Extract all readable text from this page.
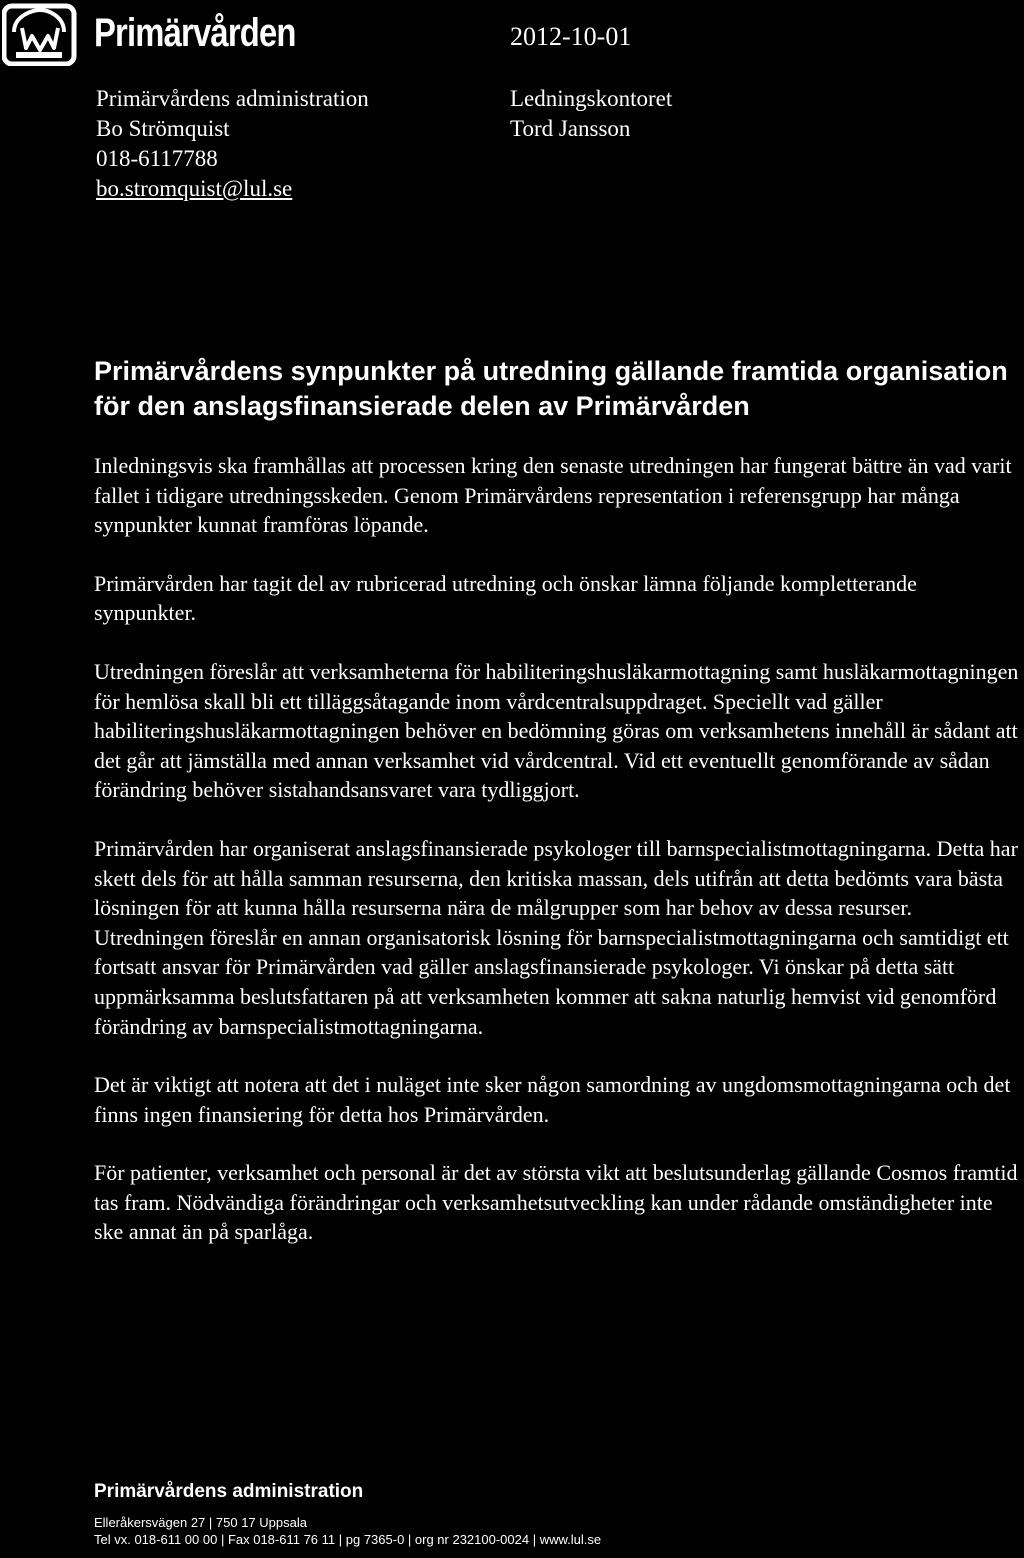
Primärvården	2012-10-01
Primärvårdens administration
Bo Strömquist
018-6117788
bo.stromquist@lul.se
Ledningskontoret
Tord Jansson
Primärvårdens synpunkter på utredning gällande framtida organisation för den anslagsfinansierade delen av Primärvården

Inledningsvis ska framhållas att processen kring den senaste utredningen har fungerat bättre än vad varit fallet i tidigare utredningsskeden. Genom Primärvårdens representation i referensgrupp har många synpunkter kunnat framföras löpande.

Primärvården har tagit del av rubricerad utredning och önskar lämna följande kompletterande synpunkter.

Utredningen föreslår att verksamheterna för habiliteringshusläkarmottagning samt husläkarmottagningen för hemlösa skall bli ett tilläggsåtagande inom vårdcentralsuppdraget. Speciellt vad gäller habiliteringshusläkarmottagningen behöver en bedömning göras om verksamhetens innehåll är sådant att det går att jämställa med annan verksamhet vid vårdcentral. Vid ett eventuellt genomförande av sådan förändring behöver sistahandsansvaret vara tydliggjort.

Primärvården har organiserat anslagsfinansierade psykologer till barnspecialistmottagningarna. Detta har skett dels för att hålla samman resurserna, den kritiska massan, dels utifrån att detta bedömts vara bästa lösningen för att kunna hålla resurserna nära de målgrupper som har behov av dessa resurser. Utredningen föreslår en annan organisatorisk lösning för barnspecialistmottagningarna och samtidigt ett fortsatt ansvar för Primärvården vad gäller anslagsfinansierade psykologer. Vi önskar på detta sätt uppmärksamma beslutsfattaren på att verksamheten kommer att sakna naturlig hemvist vid genomförd förändring av barnspecialistmottagningarna.

Det är viktigt att notera att det i nuläget inte sker någon samordning av ungdomsmottagningarna och det finns ingen finansiering för detta hos Primärvården.

För patienter, verksamhet och personal är det av största vikt att beslutsunderlag gällande Cosmos framtid tas fram. Nödvändiga förändringar och verksamhetsutveckling kan under rådande omständigheter inte ske annat än på sparlåga.

Primärvårdens administration
Elleråkersvägen 27 | 750 17 Uppsala
Tel vx. 018-611 00 00 | Fax 018-611 76 11 | pg 7365-0 | org nr 232100-0024 | www.lul.se
